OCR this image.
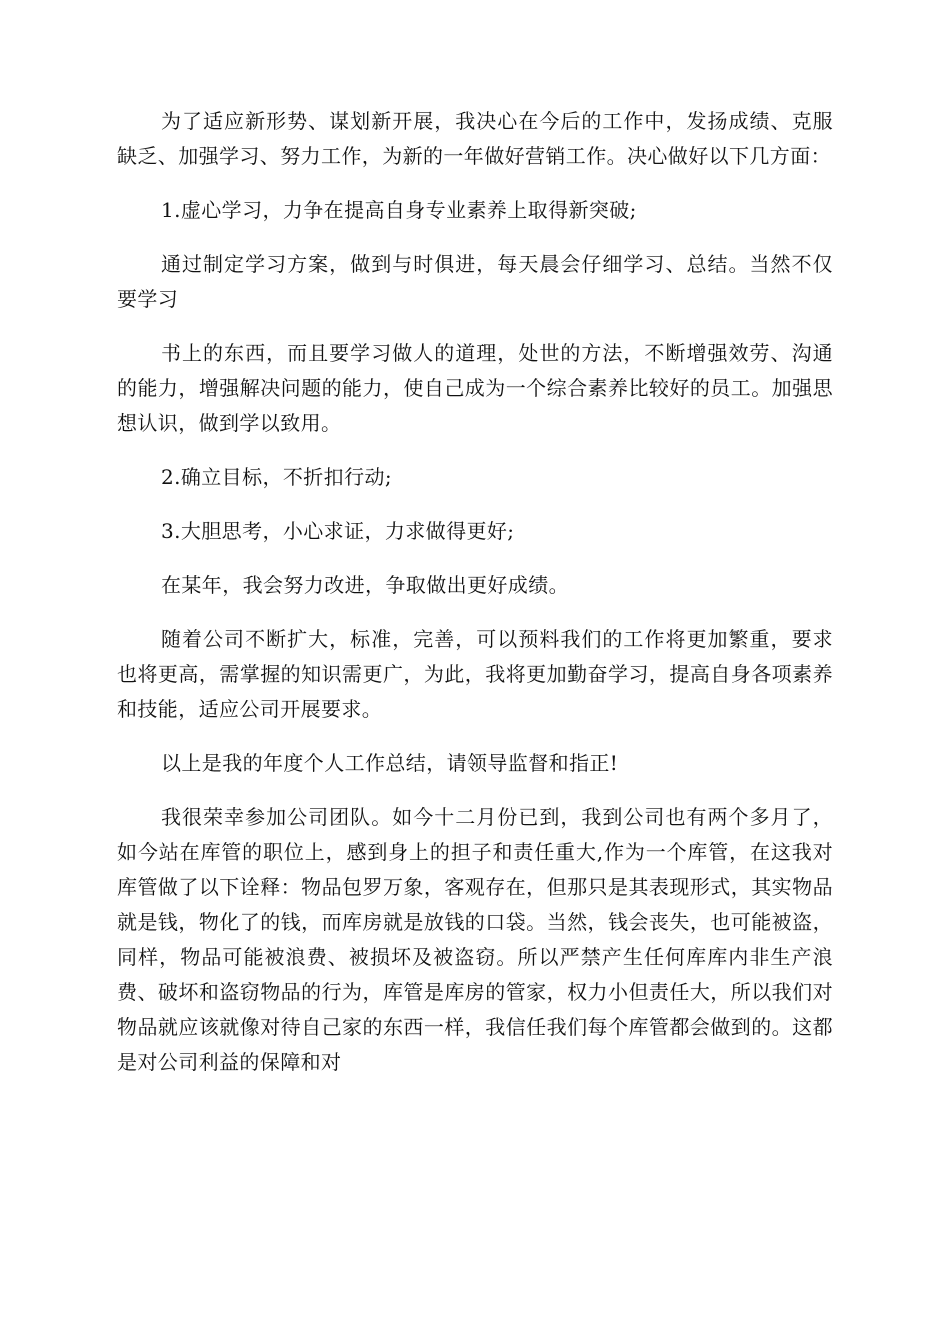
为了适应新形势、谋划新开展，我决心在今后的工作中，发扬成绩、克服缺乏、加强学习、努力工作，为新的一年做好营销工作。决心做好以下几方面：

1.虚心学习，力争在提高自身专业素养上取得新突破;

通过制定学习方案，做到与时俱进，每天晨会仔细学习、总结。当然不仅要学习

书上的东西，而且要学习做人的道理，处世的方法，不断增强效劳、沟通的能力，增强解决问题的能力，使自己成为一个综合素养比较好的员工。加强思想认识，做到学以致用。

2.确立目标，不折扣行动;

3.大胆思考，小心求证，力求做得更好;

在某年，我会努力改进，争取做出更好成绩。

随着公司不断扩大，标准，完善，可以预料我们的工作将更加繁重，要求也将更高，需掌握的知识需更广，为此，我将更加勤奋学习，提高自身各项素养和技能，适应公司开展要求。

以上是我的年度个人工作总结，请领导监督和指正!

我很荣幸参加公司团队。如今十二月份已到，我到公司也有两个多月了，如今站在库管的职位上，感到身上的担子和责任重大,作为一个库管，在这我对库管做了以下诠释：物品包罗万象，客观存在，但那只是其表现形式，其实物品就是钱，物化了的钱，而库房就是放钱的口袋。当然，钱会丧失，也可能被盗，同样，物品可能被浪费、被损坏及被盗窃。所以严禁产生任何库库内非生产浪费、破坏和盗窃物品的行为，库管是库房的管家，权力小但责任大，所以我们对物品就应该就像对待自己家的东西一样，我信任我们每个库管都会做到的。这都是对公司利益的保障和对
